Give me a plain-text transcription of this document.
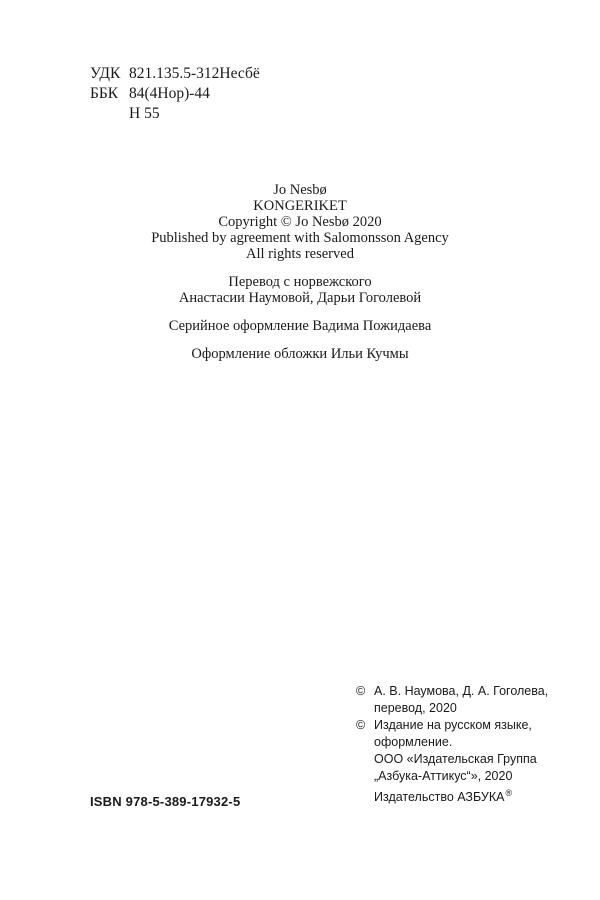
УДК 821.135.5-312Несбё
ББК 84(4Нор)-44
Н 55
Jo Nesbø
KONGERIKET
Copyright © Jo Nesbø 2020
Published by agreement with Salomonsson Agency
All rights reserved
Перевод с норвежского
Анастасии Наумовой, Дарьи Гоголевой
Серийное оформление Вадима Пожидаева
Оформление обложки Ильи Кучмы
ISBN 978-5-389-17932-5
© А. В. Наумова, Д. А. Гоголева,
перевод, 2020
© Издание на русском языке,
оформление.
ООО «Издательская Группа
„Азбука-Аттикус“», 2020
Издательство АЗБУКА®
